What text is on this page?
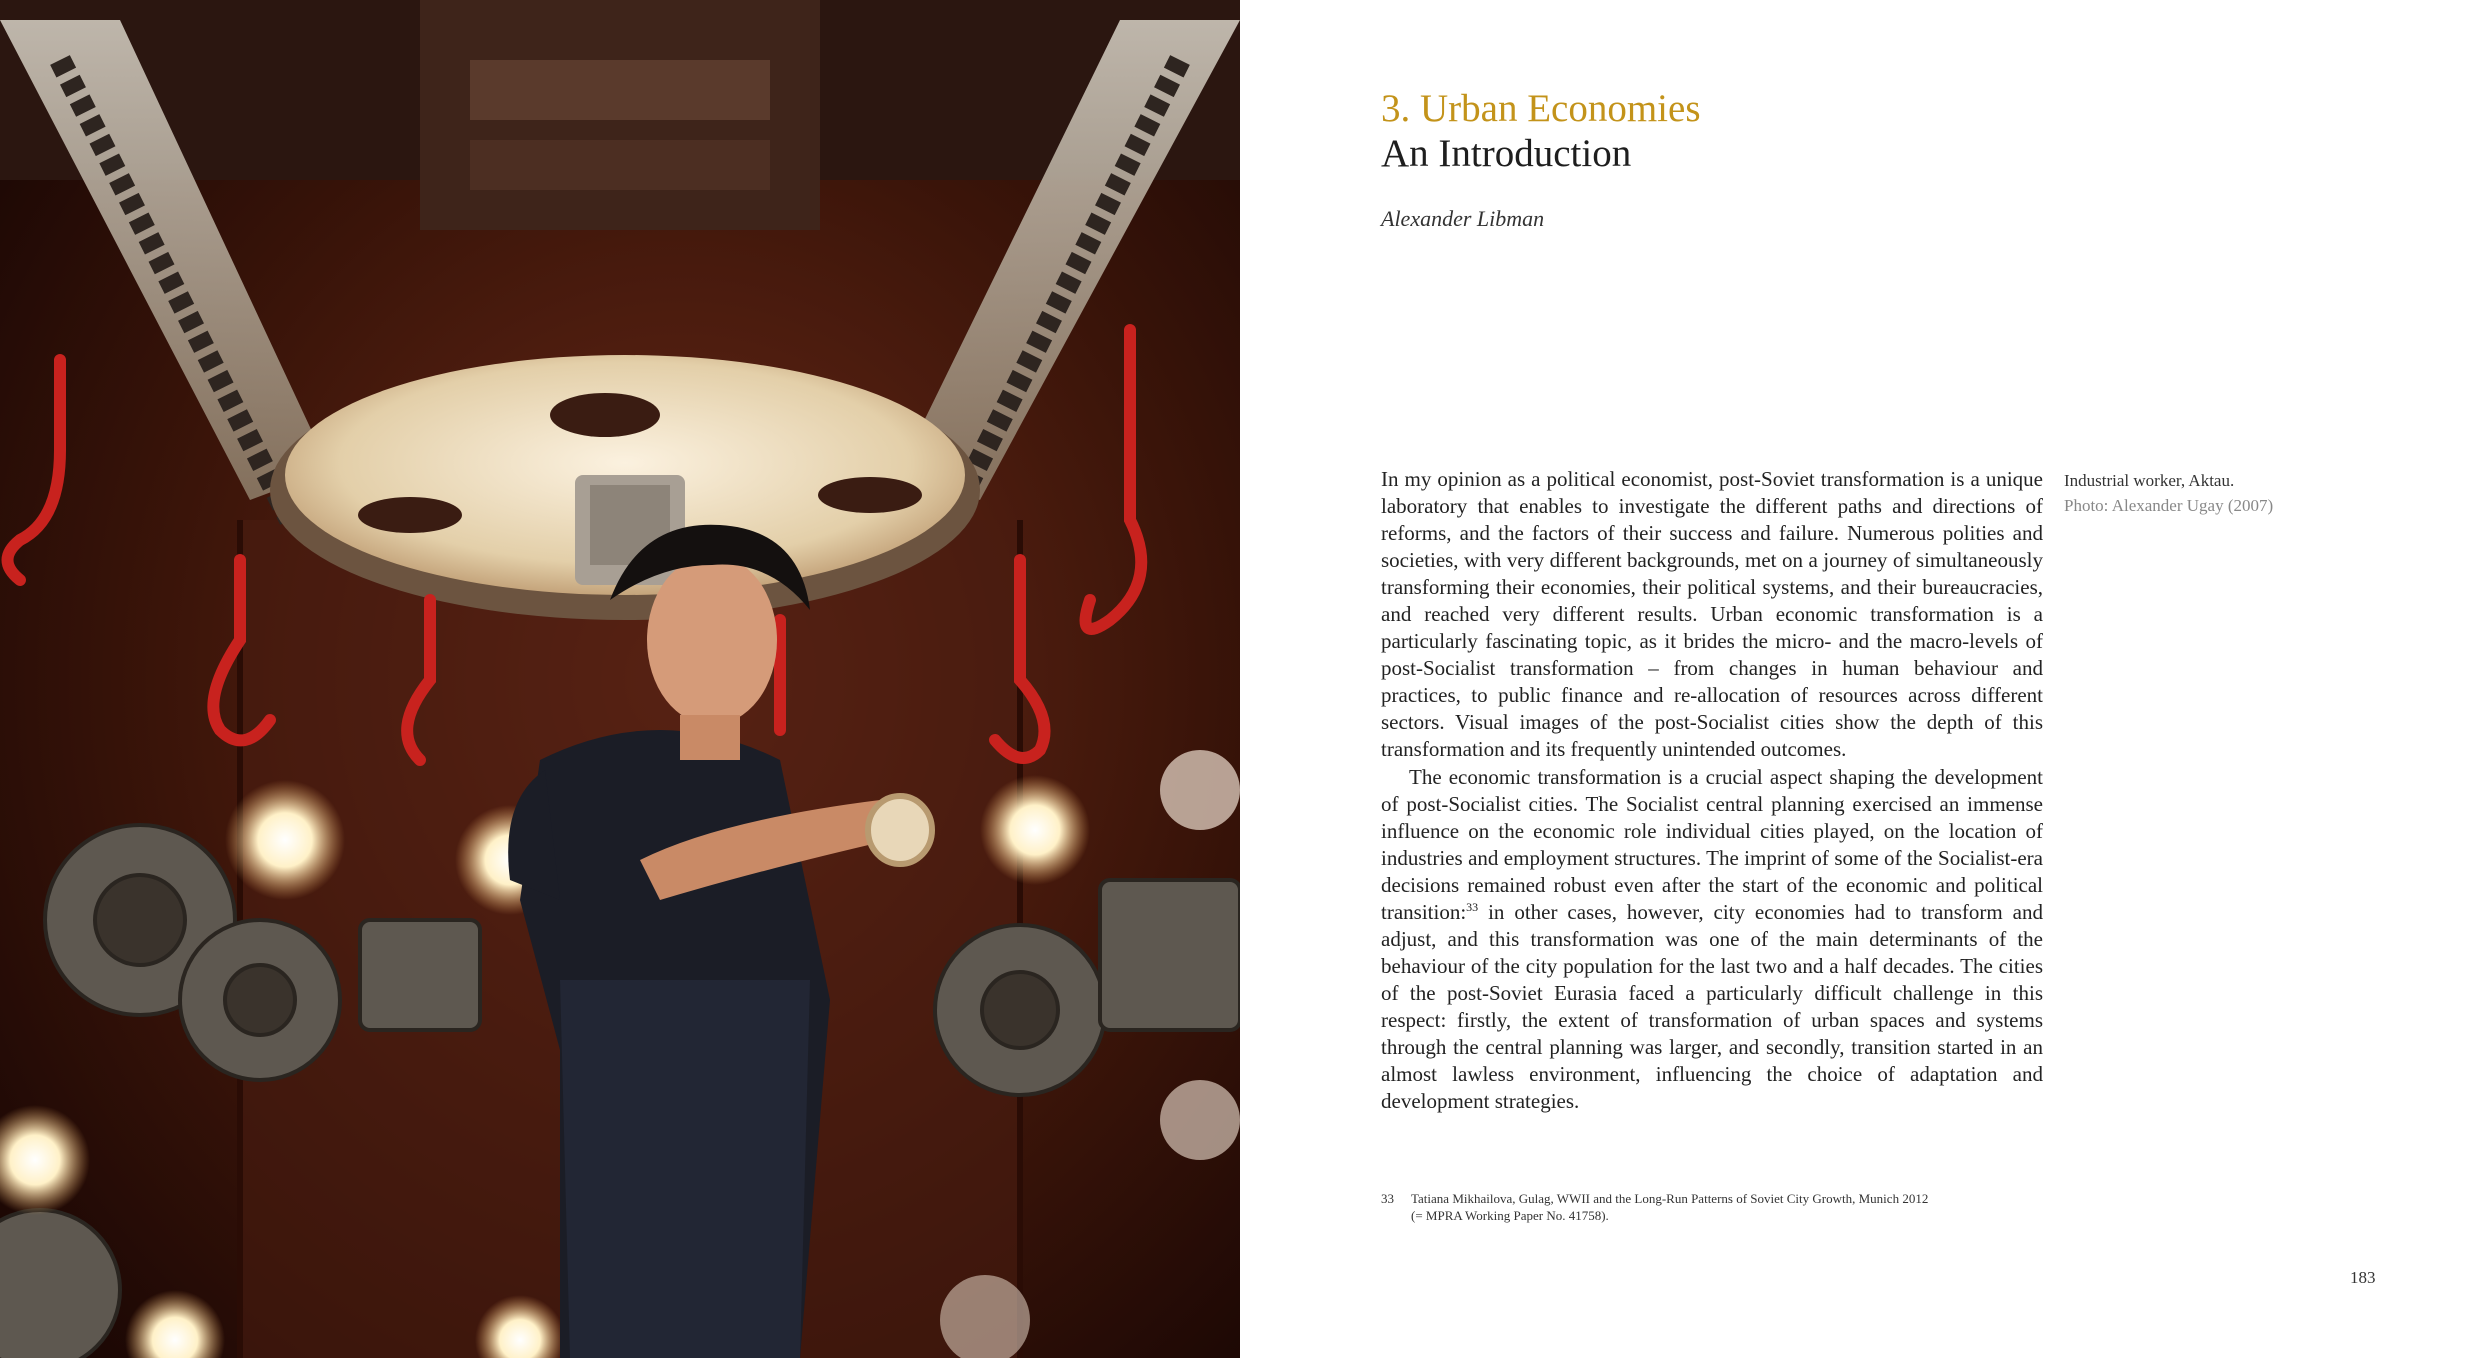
3. Urban Economies
An Introduction
Alexander Libman

In my opinion as a political economist, post-Soviet transformation is a unique laboratory that enables to investigate the different paths and directions of reforms, and the factors of their success and failure. Numerous polities and societies, with very different backgrounds, met on a journey of simultaneously transforming their economies, their political systems, and their bureaucracies, and reached very different results. Urban economic transformation is a particularly fascinating topic, as it brides the micro- and the macro-levels of post-Socialist transformation – from changes in human behaviour and practices, to public finance and re-allocation of resources across different sectors. Visual images of the post-Socialist cities show the depth of this transformation and its frequently unintended outcomes.

The economic transformation is a crucial aspect shaping the development of post-Socialist cities. The Socialist central planning exercised an immense influence on the economic role individual cities played, on the location of industries and employment structures. The imprint of some of the Socialist-era decisions remained robust even after the start of the economic and political transition:$^{33}$ in other cases, however, city economies had to transform and adjust, and this transformation was one of the main determinants of the behaviour of the city population for the last two and a half decades. The cities of the post-Soviet Eurasia faced a particularly difficult challenge in this respect: firstly, the extent of transformation of urban spaces and systems through the central planning was larger, and secondly, transition started in an almost lawless environment, influencing the choice of adaptation and development strategies.

Industrial worker, Aktau.
Photo: Alexander Ugay (2007)
33 Tatiana Mikhailova, Gulag, WWII and the Long-Run Patterns of Soviet City Growth, Munich 2012
(= MPRA Working Paper No. 41758).
183
